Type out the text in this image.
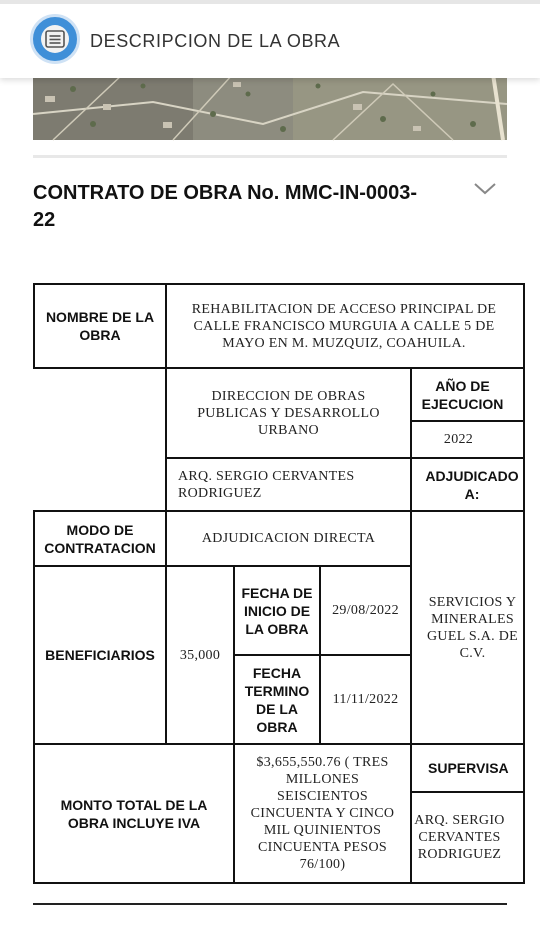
DESCRIPCION DE LA OBRA
CONTRATO DE OBRA No. MMC-IN-0003-22
NOMBRE DE LA OBRA
REHABILITACION DE ACCESO PRINCIPAL DE CALLE FRANCISCO MURGUIA A CALLE 5 DE MAYO EN M. MUZQUIZ, COAHUILA.
DIRECCION DE OBRAS PUBLICAS Y DESARROLLO URBANO
AÑO DE EJECUCION
2022
ARQ. SERGIO CERVANTES RODRIGUEZ
ADJUDICADO A:
MODO DE CONTRATACION
ADJUDICACION DIRECTA
SERVICIOS Y MINERALES GUEL S.A. DE C.V.
BENEFICIARIOS	35,000
FECHA DE INICIO DE LA OBRA
29/08/2022
FECHA TERMINO DE LA OBRA
11/11/2022
MONTO TOTAL DE LA OBRA INCLUYE IVA
$3,655,550.76 ( TRES MILLONES SEISCIENTOS CINCUENTA Y CINCO MIL QUINIENTOS CINCUENTA PESOS 76/100)
SUPERVISA
ARQ. SERGIO CERVANTES RODRIGUEZ
